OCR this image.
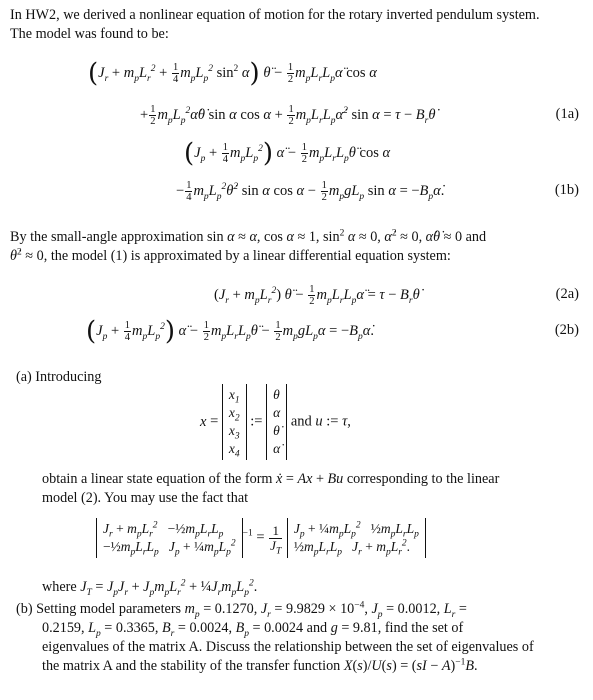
In HW2, we derived a nonlinear equation of motion for the rotary inverted pendulum system.
The model was found to be:
($J_r + m_pL_r^2 + \frac{1}{4} m_pL_p^2$ $\sin^2 \alpha$) θ̈ − $\frac{1}{2}$ $m_pL_rL_p\alphä$ cos α
+ $\frac{1}{2}$ $m_pL_p^2\alphȧ\thetȧ$ sin α $\cos \alpha + \frac{1}{2}$ $m_pL_rL_p\alphȧ^2$ $\sin \alpha = \tau - B_r\thetȧ$	(1a)
$(J_p + \frac{1}{4} m_pL_p^2)$ α̈ − $\frac{1}{2}$ $m_pL_rL_p\thetä$ cos α
− $\frac{1}{4}$ $m_pL_p^2\thetȧ^2$ sin α $\cos \alpha - \frac{1}{2} m_pgL_p$ $\sin \alpha = -B_p\alphȧ$.	(1b)
By the small-angle approximation sin α ≈ α, cos α ≈ 1, $\sin^2 \alpha \approx 0$, α̇$^2$ ≈ 0, α̇θ̇ ≈ 0 and
θ̇$^2$ ≈ 0, the model (1) is approximated by a linear differential equation system:
$(J_r + m_pL_r^2)$ θ̈ − $\frac{1}{2}$ $m_pL_rL_p\alphä = \tau$ − $B_r\thetȧ$	(2a)
$(J_p + \frac{1}{4} m_pL_p^2)$ α̈ − $\frac{1}{2}$ $m_pL_rL_p\thetä - \frac{1}{2} m_pgL_p\alpha$ = $-B_p\alphȧ$.	(2b)
(a) Introducing
x =
$x_1$
$x_2$
$x_3$
$x_4$
:=
θ
α
θ̇
α̇
and u := τ,
obtain a linear state equation of the form ẋ = Ax + Bu corresponding to the linear
model (2). You may use the fact that
$J_r + m_pL_r^2$   $-\frac{1}{2}m_pL_rL_p$
$-\frac{1}{2}m_pL_rL_p$ $J_p$ + $\frac{1}{4}m_pL_p^2$
$^{-1} = \frac{1}{J_T}$
$J_p$ + $\frac{1}{4}m_pL_p^2$   $\frac{1}{2}m_pL_rL_p$
$\frac{1}{2}m_pL_rL_p$ $J_r + m_pL_r^2$.
where $J_T = J_pJ_r + J_pm_pL_r^2$ + $\frac{1}{4}J_rm_pL_p^2$.
(b) Setting model parameters $m_p = 0.1270$, $J_r = 9.9829 \times 10^{-4}$, $J_p = 0.0012$, $L_r$ =
0.2159, $L_p = 0.3365$, $B_r = 0.0024$, $B_p = 0.0024$ and g = 9.81, find the set of
eigenvalues of the matrix A. Discuss the relationship between the set of eigenvalues of
the matrix A and the stability of the transfer function X(s)/U(s) = (sI − A)$^{-1}$B.
